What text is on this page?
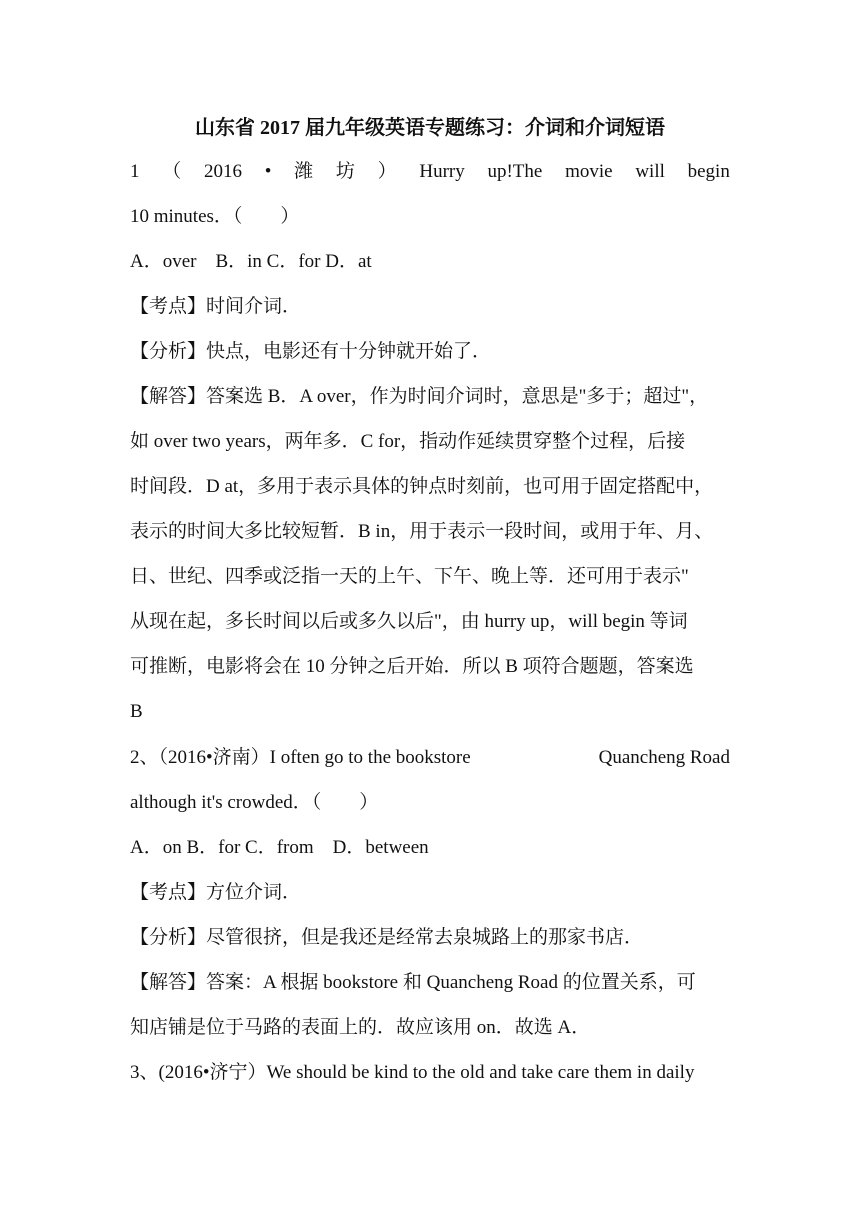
山东省 2017 届九年级英语专题练习：介词和介词短语
1 （ 2016 • 潍 坊 ） Hurry up!The movie will begin
10 minutes．（　　）
A．over　B．in C．for D．at
【考点】时间介词．
【分析】快点，电影还有十分钟就开始了．
【解答】答案选 B．A over，作为时间介词时，意思是"多于；超过"，
如 over two years，两年多．C for，指动作延续贯穿整个过程，后接
时间段．D at，多用于表示具体的钟点时刻前，也可用于固定搭配中，
表示的时间大多比较短暂．B in，用于表示一段时间，或用于年、月、
日、世纪、四季或泛指一天的上午、下午、晚上等．还可用于表示"
从现在起，多长时间以后或多久以后"，由 hurry up，will begin 等词
可推断，电影将会在 10 分钟之后开始．所以 B 项符合题题，答案选
B
2、（2016•济南）I often go to the bookstore	Quancheng Road
although it's crowded．（　　）
A．on B．for C．from　D．between
【考点】方位介词．
【分析】尽管很挤，但是我还是经常去泉城路上的那家书店．
【解答】答案：A 根据 bookstore 和 Quancheng Road 的位置关系，可
知店铺是位于马路的表面上的．故应该用 on．故选 A．
3、(2016•济宁）We should be kind to the old and take care them in daily
